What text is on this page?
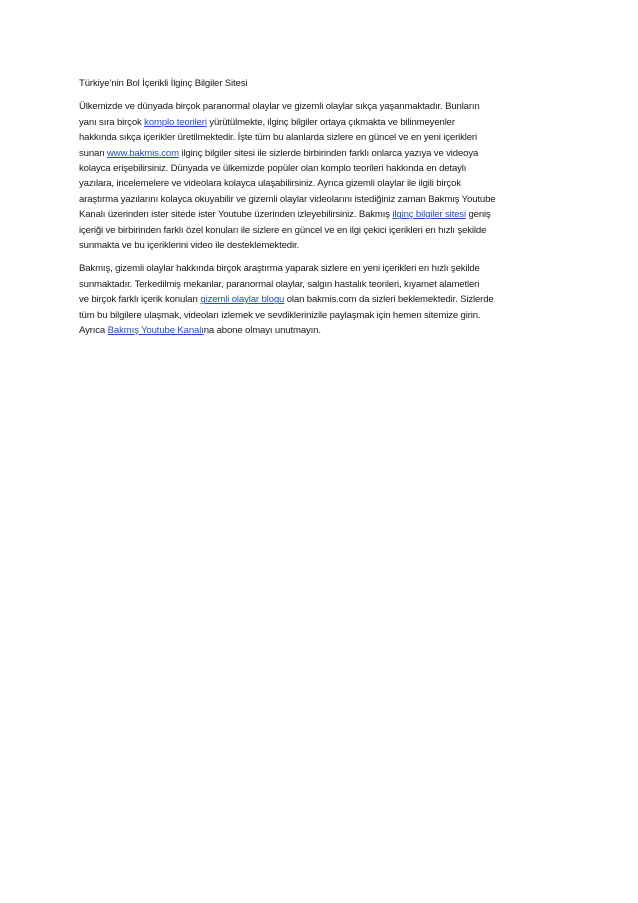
Türkiye’nin Bol İçerikli İlginç Bilgiler Sitesi
Ülkemizde ve dünyada birçok paranormal olaylar ve gizemli olaylar sıkça yaşanmaktadır. Bunların
yanı sıra birçok komplo teorileri yürütülmekte, ilginç bilgiler ortaya çıkmakta ve bilinmeyenler
hakkında sıkça içerikler üretilmektedir. İşte tüm bu alanlarda sizlere en güncel ve en yeni içerikleri
sunan www.bakmis.com ilginç bilgiler sitesi ile sizlerde birbirinden farklı onlarca yazıya ve videoya
kolayca erişebilirsiniz. Dünyada ve ülkemizde popüler olan komplo teorileri hakkında en detaylı
yazılara, incelemelere ve videolara kolayca ulaşabilirsiniz. Ayrıca gizemli olaylar ile ilgili birçok
araştırma yazılarını kolayca okuyabilir ve gizemli olaylar videolarını istediğiniz zaman Bakmış Youtube
Kanalı üzerinden ister sitede ister Youtube üzerinden izleyebilirsiniz. Bakmış ilginç bilgiler sitesi geniş
içeriği ve birbirinden farklı özel konuları ile sizlere en güncel ve en ilgi çekici içerikleri en hızlı şekilde
sunmakta ve bu içeriklerini video ile desteklemektedir.
Bakmış, gizemli olaylar hakkında birçok araştırma yaparak sizlere en yeni içerikleri en hızlı şekilde
sunmaktadır. Terkedilmiş mekanlar, paranormal olaylar, salgın hastalık teorileri, kıyamet alametleri
ve birçok farklı içerik konuları gizemli olaylar blogu olan bakmis.com da sizleri beklemektedir. Sizlerde
tüm bu bilgilere ulaşmak, videoları izlemek ve sevdiklerinizile paylaşmak için hemen sitemize girin.
Ayrıca Bakmış Youtube Kanalına abone olmayı unutmayın.
